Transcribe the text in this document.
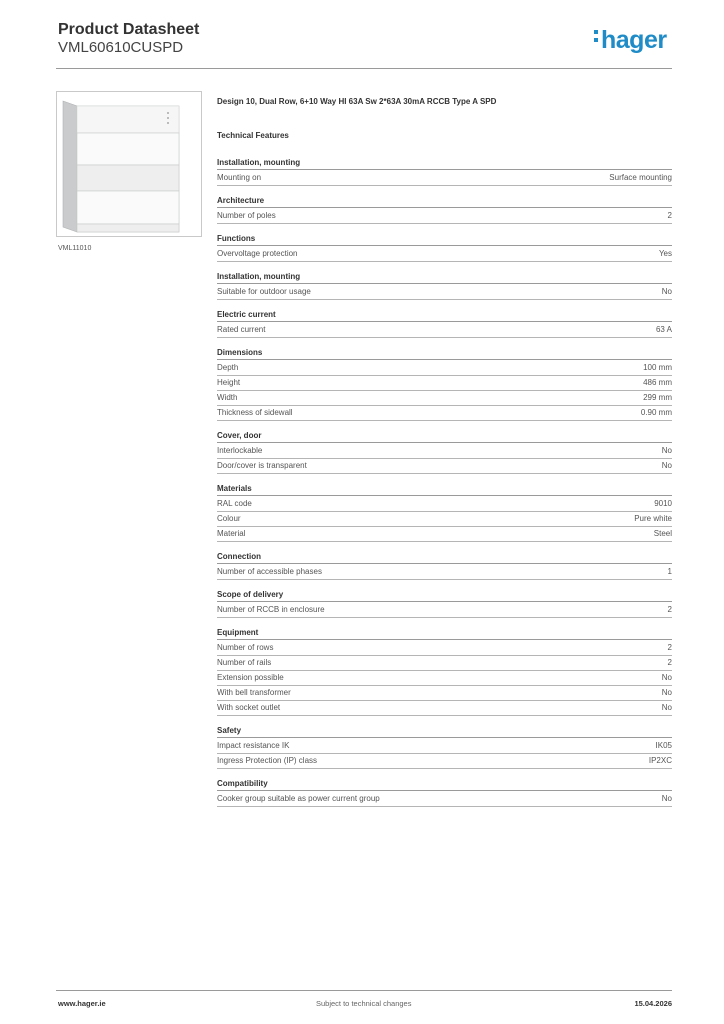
Product Datasheet
VML60610CUSPD	hager
VML11010
Design 10, Dual Row, 6+10 Way HI 63A Sw 2*63A 30mA RCCB Type A SPD
Technical Features
Installation, mounting
Mounting on	Surface mounting
Architecture
Number of poles	2
Functions
Overvoltage protection	Yes
Installation, mounting
Suitable for outdoor usage	No
Electric current
Rated current	63 A
Dimensions
Depth	100 mm
Height	486 mm
Width	299 mm
Thickness of sidewall	0.90 mm
Cover, door
Interlockable	No
Door/cover is transparent	No
Materials
RAL code	9010
Colour	Pure white
Material	Steel
Connection
Number of accessible phases	1
Scope of delivery
Number of RCCB in enclosure	2
Equipment
Number of rows	2
Number of rails	2
Extension possible	No
With bell transformer	No
With socket outlet	No
Safety
Impact resistance IK	IK05
Ingress Protection (IP) class	IP2XC
Compatibility
Cooker group suitable as power current group	No
www.hager.ie	Subject to technical changes	15.04.2026
